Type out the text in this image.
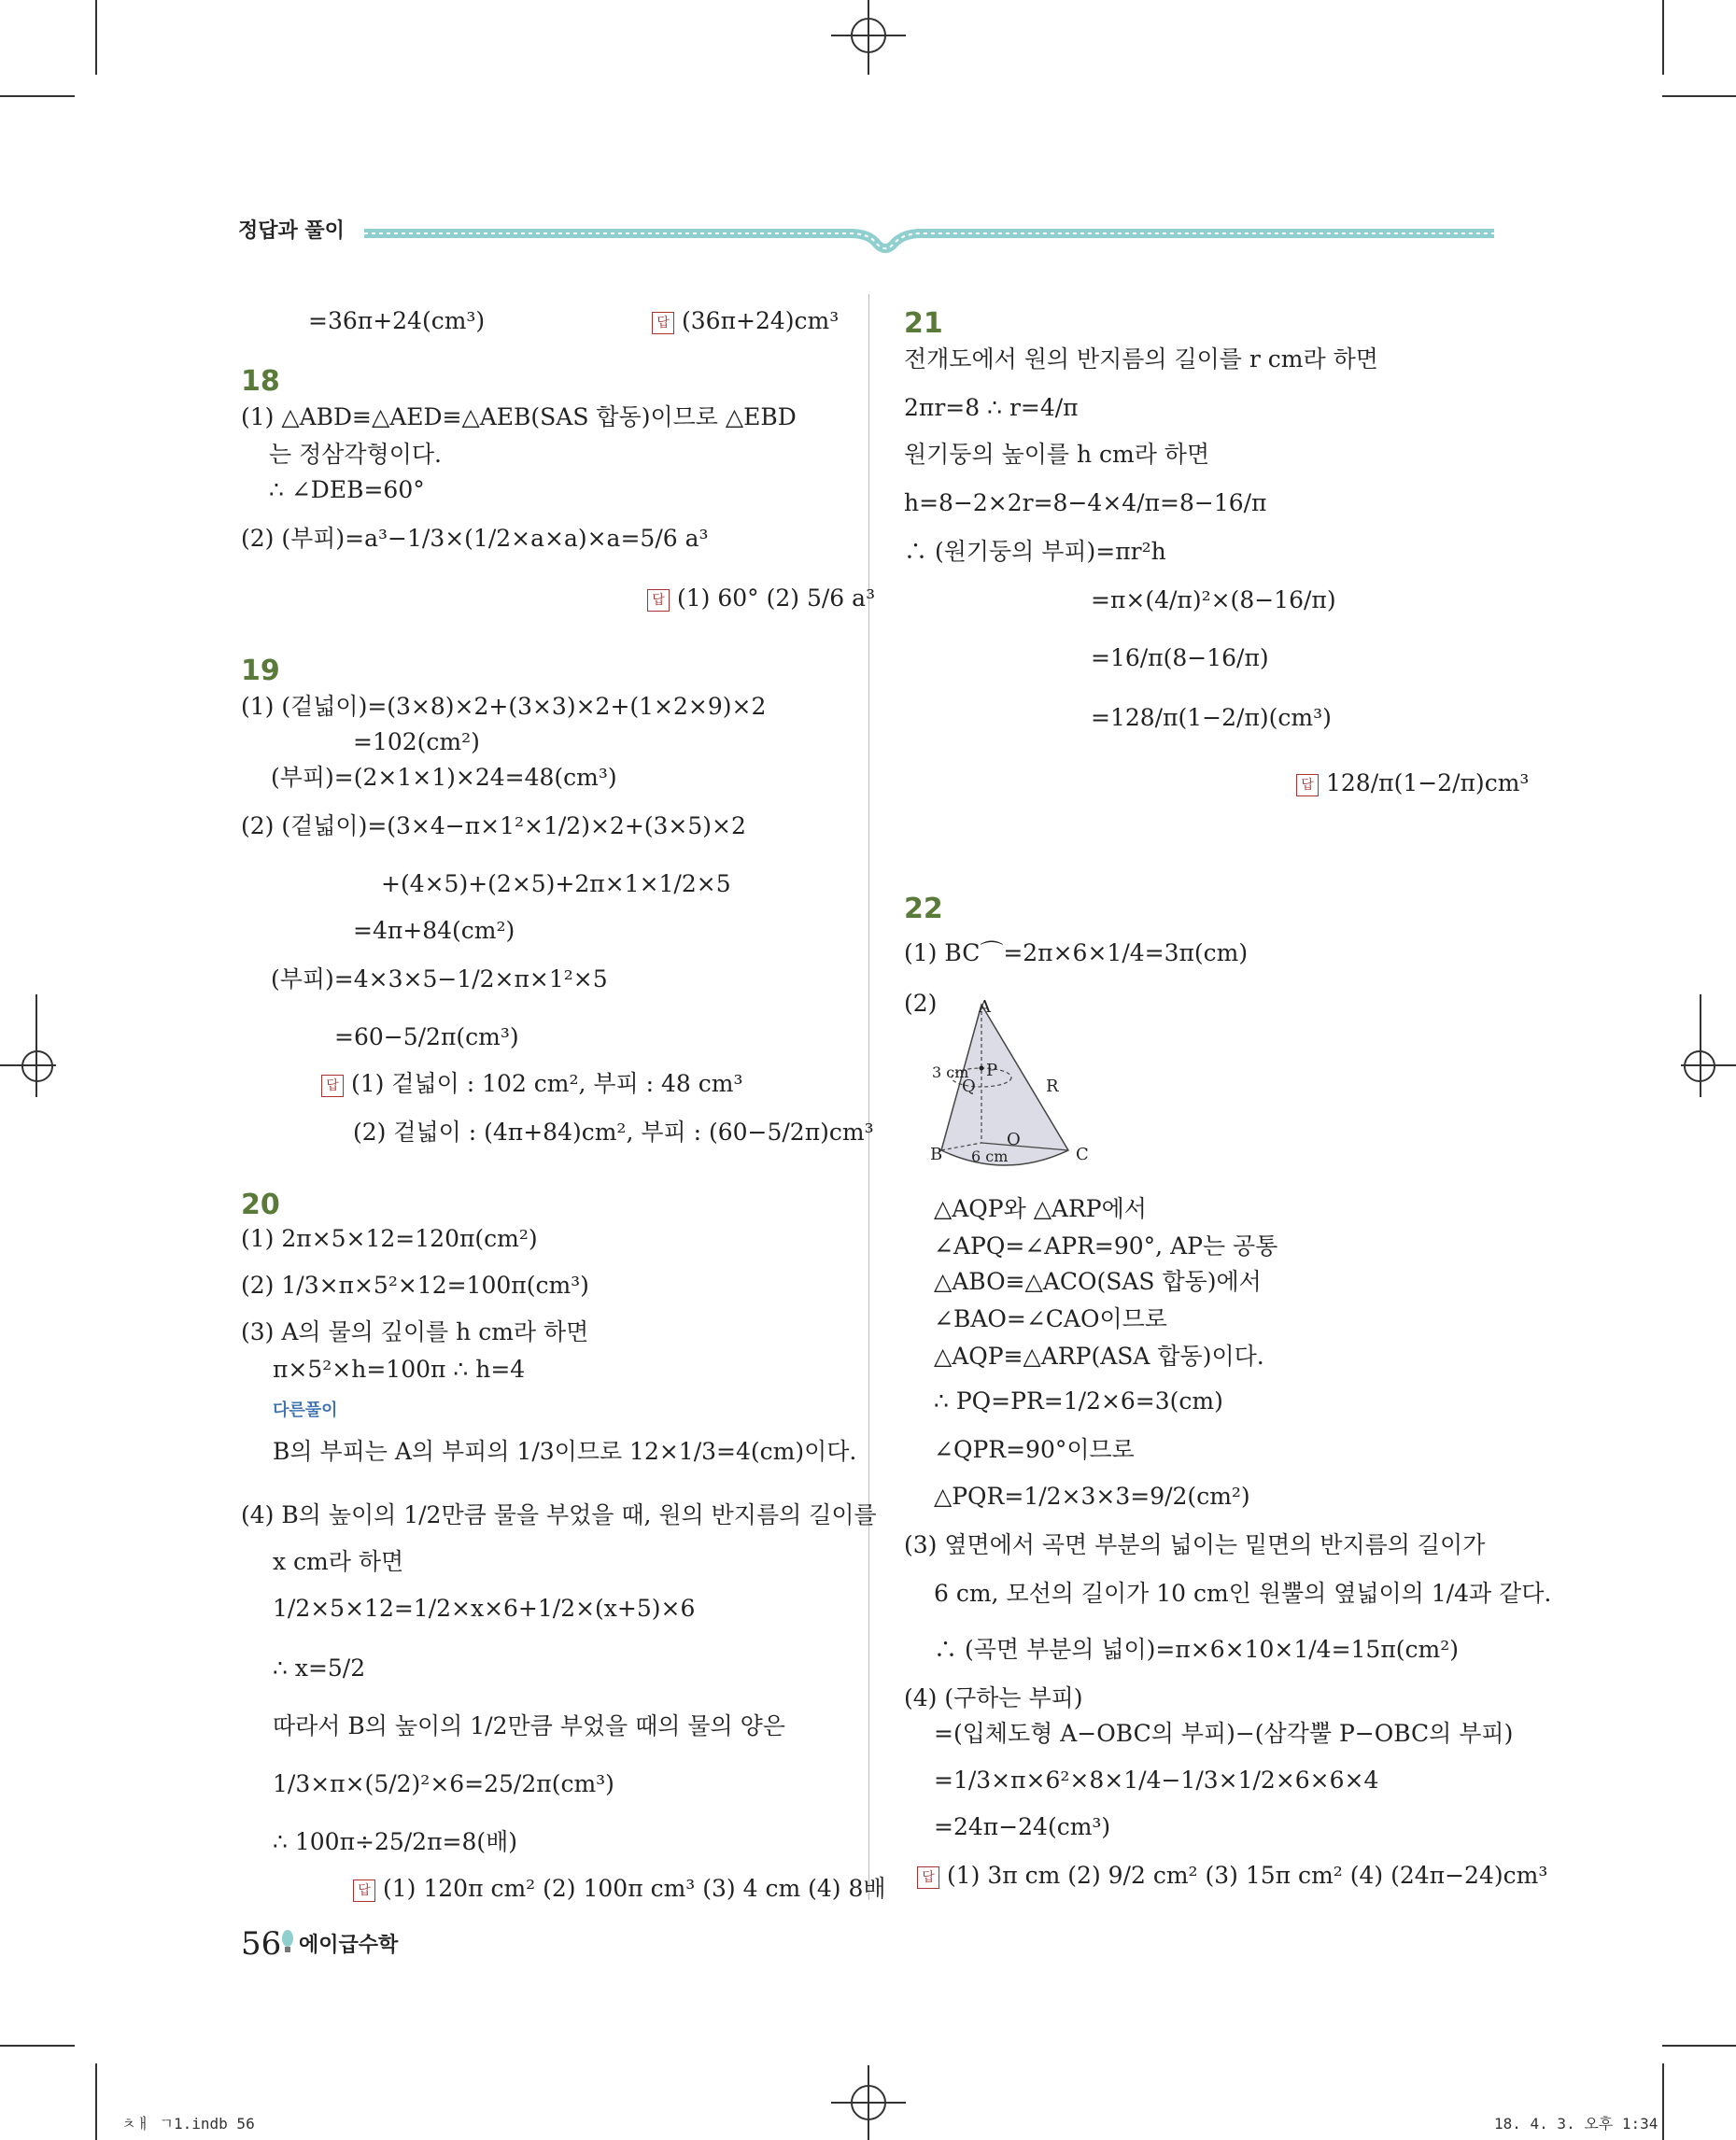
정답과 풀이
=36π+24(cm³)	답 (36π+24)cm³
18
(1) △ABD≡△AED≡△AEB(SAS 합동)이므로 △EBD
는 정삼각형이다.
∴ ∠DEB=60°
(2) (부피)=a³−1/3×(1/2×a×a)×a=5/6 a³
답 (1) 60° (2) 5/6 a³
19
(1) (겉넓이)=(3×8)×2+(3×3)×2+(1×2×9)×2
=102(cm²)
(부피)=(2×1×1)×24=48(cm³)
(2) (겉넓이)=(3×4−π×1²×1/2)×2+(3×5)×2
+(4×5)+(2×5)+2π×1×1/2×5
=4π+84(cm²)
(부피)=4×3×5−1/2×π×1²×5
=60−5/2π(cm³)
답 (1) 겉넓이 : 102 cm², 부피 : 48 cm³
(2) 겉넓이 : (4π+84)cm², 부피 : (60−5/2π)cm³
20
(1) 2π×5×12=120π(cm²)
(2) 1/3×π×5²×12=100π(cm³)
(3) A의 물의 깊이를 h cm라 하면
π×5²×h=100π ∴ h=4
다른풀이
B의 부피는 A의 부피의 1/3이므로 12×1/3=4(cm)이다.
(4) B의 높이의 1/2만큼 물을 부었을 때, 원의 반지름의 길이를
x cm라 하면
1/2×5×12=1/2×x×6+1/2×(x+5)×6
∴ x=5/2
따라서 B의 높이의 1/2만큼 부었을 때의 물의 양은
1/3×π×(5/2)²×6=25/2π(cm³)
∴ 100π÷25/2π=8(배)
답 (1) 120π cm² (2) 100π cm³ (3) 4 cm (4) 8배
21
전개도에서 원의 반지름의 길이를 r cm라 하면
2πr=8 ∴ r=4/π
원기둥의 높이를 h cm라 하면
h=8−2×2r=8−4×4/π=8−16/π
∴ (원기둥의 부피)=πr²h
=π×(4/π)²×(8−16/π)
=16/π(8−16/π)
=128/π(1−2/π)(cm³)
답 128/π(1−2/π)cm³
22
(1) BC⌒=2π×6×1/4=3π(cm)
(2) A
P
Q	R
3 cm
B 6 cm
O
C
△AQP와 △ARP에서
∠APQ=∠APR=90°, AP는 공통
△ABO≡△ACO(SAS 합동)에서
∠BAO=∠CAO이므로
△AQP≡△ARP(ASA 합동)이다.
∴ PQ=PR=1/2×6=3(cm)
∠QPR=90°이므로
△PQR=1/2×3×3=9/2(cm²)
(3) 옆면에서 곡면 부분의 넓이는 밑면의 반지름의 길이가
6 cm, 모선의 길이가 10 cm인 원뿔의 옆넓이의 1/4과 같다.
∴ (곡면 부분의 넓이)=π×6×10×1/4=15π(cm²)
(4) (구하는 부피)
=(입체도형 A−OBC의 부피)−(삼각뿔 P−OBC의 부피)
=1/3×π×6²×8×1/4−1/3×1/2×6×6×4
=24π−24(cm³)
답 (1) 3π cm (2) 9/2 cm² (3) 15π cm² (4) (24π−24)cm³
56 에이급수학
ㅊㅐ ㄱ1.indb 56	18. 4. 3. 오후 1:34
